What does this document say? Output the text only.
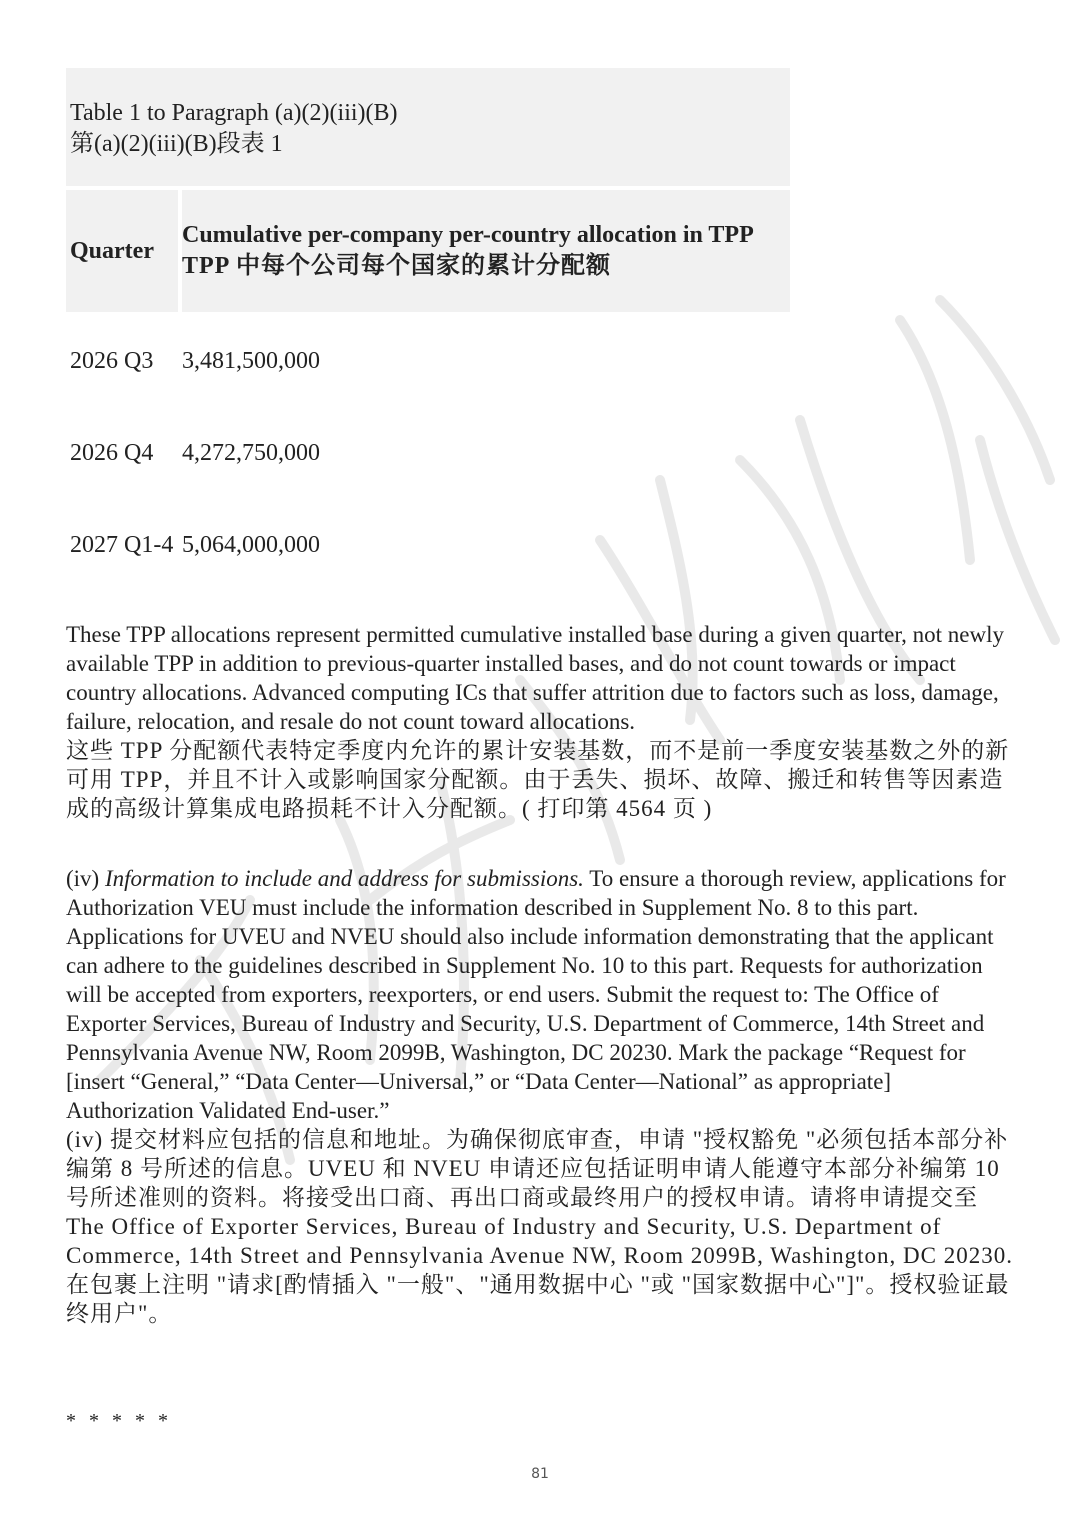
Table 1 to Paragraph (a)(2)(iii)(B)
第(a)(2)(iii)(B)段表 1
Quarter
Cumulative per-company per-country allocation in TPP
TPP 中每个公司每个国家的累计分配额
2026 Q3	3,481,500,000
2026 Q4	4,272,750,000
2027 Q1-4 5,064,000,000

These TPP allocations represent permitted cumulative installed base during a given quarter, not newly available TPP in addition to previous-quarter installed bases, and do not count towards or impact country allocations. Advanced computing ICs that suffer attrition due to factors such as loss, damage, failure, relocation, and resale do not count toward allocations.

这些 TPP 分配额代表特定季度内允许的累计安装基数，而不是前一季度安装基数之外的新可用 TPP，并且不计入或影响国家分配额。由于丢失、损坏、故障、搬迁和转售等因素造成的高级计算集成电路损耗不计入分配额。( 打印第 4564 页 )

(iv) Information to include and address for submissions. To ensure a thorough review, applications for Authorization VEU must include the information described in Supplement No. 8 to this part. Applications for UVEU and NVEU should also include information demonstrating that the applicant can adhere to the guidelines described in Supplement No. 10 to this part. Requests for authorization will be accepted from exporters, reexporters, or end users. Submit the request to: The Office of Exporter Services, Bureau of Industry and Security, U.S. Department of Commerce, 14th Street and Pennsylvania Avenue NW, Room 2099B, Washington, DC 20230. Mark the package “Request for [insert “General,” “Data Center—Universal,” or “Data Center—National” as appropriate] Authorization Validated End-user.”

(iv) 提交材料应包括的信息和地址。为确保彻底审查，申请 "授权豁免 "必须包括本部分补编第 8 号所述的信息。UVEU 和 NVEU 申请还应包括证明申请人能遵守本部分补编第 10 号所述准则的资料。将接受出口商、再出口商或最终用户的授权申请。请将申请提交至 The Office of Exporter Services, Bureau of Industry and Security, U.S. Department of Commerce, 14th Street and Pennsylvania Avenue NW, Room 2099B, Washington, DC 20230.在包裹上注明 "请求[酌情插入 "一般"、"通用数据中心 "或 "国家数据中心"]"。授权验证最终用户"。

* * * * *
81
